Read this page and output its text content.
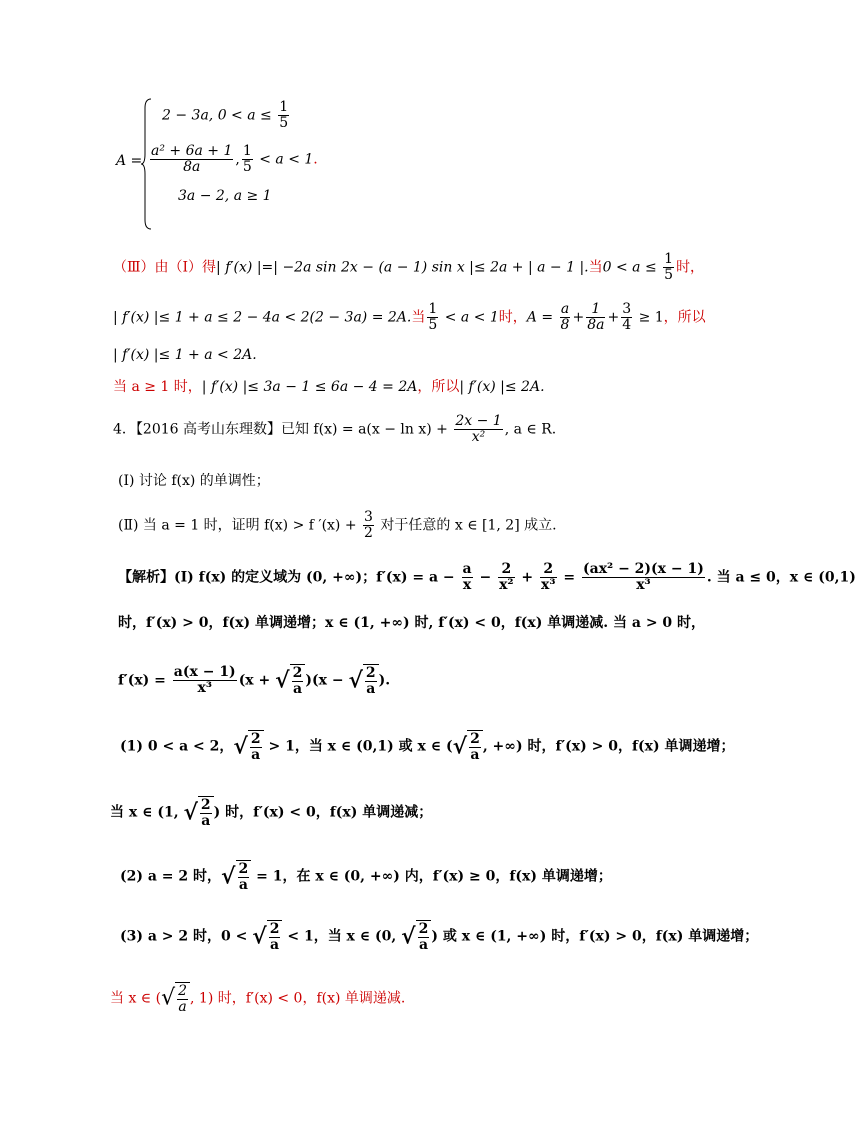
A =
2 − 3a, $0 < a \le \frac{1}{5}$
$\frac{\text{a² + 6a + 1}}{8a}$ , $\frac{1}{5} < a < 1$.
3a − 2, a ≥ 1
（Ⅲ）由（Ⅰ）得| f′(x) |=| −2a sin 2x − (a − 1) sin x |≤ 2a + | a − 1 |.当$0 < a \le \frac{1}{5}$ 时，
| f′(x) |≤ 1 + a ≤ 2 − 4a < 2(2 − 3a) = 2A.当 $\frac{1}{5} < a < 1$时，$A = \frac{a}{8} + \frac{1}{8a} + \frac{3}{4} \ge 1$，所以
| f′(x) |≤ 1 + a < 2A.
当 a ≥ 1 时，| f′(x) |≤ 3a − 1 ≤ 6a − 4 = 2A，所以| f′(x) |≤ 2A.
4．【2016 高考山东理数】已知 $f(x) = a(x - \ln x) + \frac{2x - 1}{\text{x²}}$ , a ∈ R.
(Ⅰ) 讨论 f(x) 的单调性；
(Ⅱ) 当 a = 1 时，证明 f(x) > f $'(x) + \frac{3}{2}$ 对于任意的 x ∈ [1, 2] 成立.
【解析】(Ⅰ) f(x) 的定义域为 (0, +∞)；$f'(x) = a - \frac{a}{x} - \frac{2}{\text{x²}} + \frac{2}{\text{x³}} = \frac{\text{(ax² − 2)(x − 1)}}{\text{x³}}$ . 当 a ≤ 0，x ∈ (0,1)
时，f′(x) > 0，f(x) 单调递增；x ∈ (1, +∞) 时, f′(x) < 0，f(x) 单调递减. 当 a > 0 时，
$f'(x) = \frac{a(x - 1)}{\text{x³}} (x$ + √ $\frac{2}{a} )(x$ − √ $\frac{2}{a}$ ).
(1) 0 < a < 2，√ $\frac{2}{a} > 1$，当 x ∈ (0,1) 或 x ∈ (√ $\frac{2}{a}$ , +∞) 时，f′(x) > 0，f(x) 单调递增；
当 x ∈ (1, √ $\frac{2}{a}$ ) 时，f′(x) < 0，f(x) 单调递减；
(2) a = 2 时，√ $\frac{2}{a} = 1$，在 x ∈ (0, +∞) 内，f′(x) ≥ 0，f(x) 单调递增；
(3) a > 2 时，0 < √ $\frac{2}{a} < 1$，当 x ∈ (0, √ $\frac{2}{a}$ ) 或 x ∈ (1, +∞) 时，f′(x) > 0，f(x) 单调递增；
当 x ∈ (√ $\frac{2}{a}$ , 1) 时，f′(x) < 0，f(x) 单调递减.
